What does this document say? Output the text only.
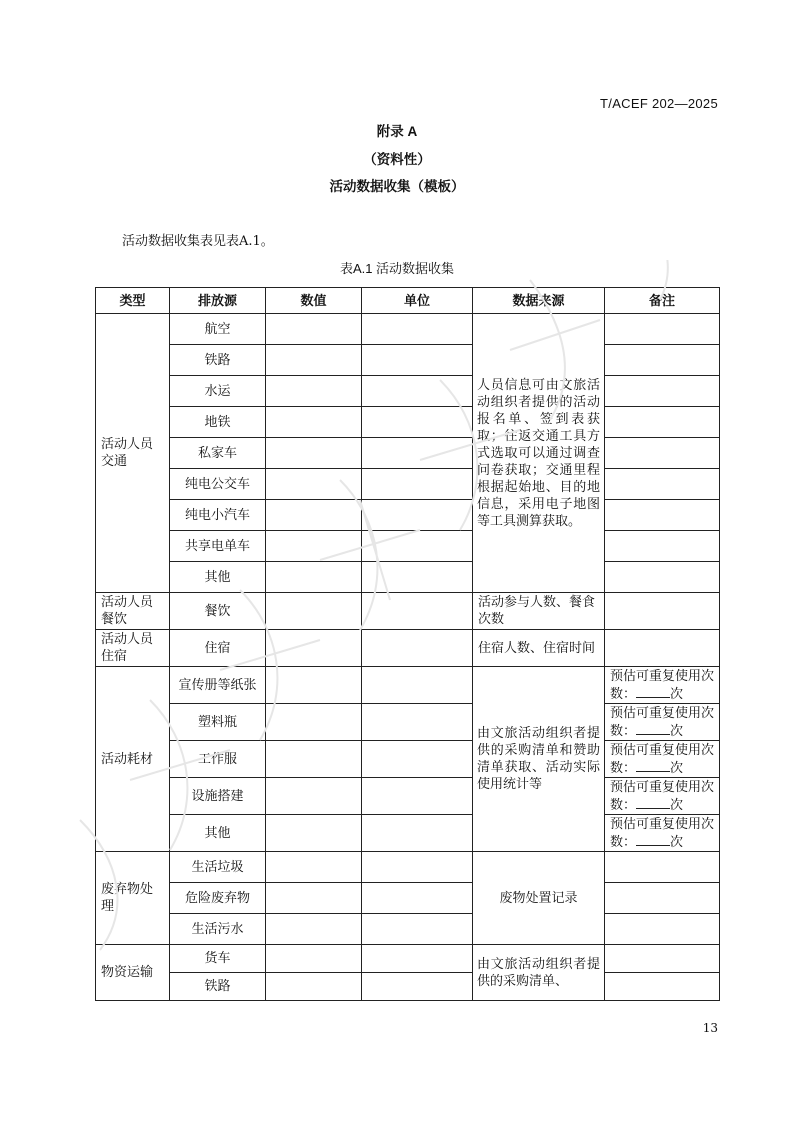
T/ACEF 202—2025
附录 A
（资料性）
活动数据收集（模板）
活动数据收集表见表A.1。
表A.1 活动数据收集
类型	排放源	数值	单位	数据来源	备注
活动人员交通	航空			人员信息可由文旅活动组织者提供的活动报名单、签到表获取；往返交通工具方式选取可以通过调查问卷获取；交通里程根据起始地、目的地信息，采用电子地图等工具测算获取。	
	铁路				
	水运				
	地铁				
	私家车				
	纯电公交车				
	纯电小汽车				
	共享电单车				
	其他				
活动人员餐饮	餐饮			活动参与人数、餐食次数	
活动人员住宿	住宿			住宿人数、住宿时间	
活动耗材	宣传册等纸张			由文旅活动组织者提供的采购清单和赞助清单获取、活动实际使用统计等	预估可重复使用次数： 次
	塑料瓶				预估可重复使用次数： 次
	工作服				预估可重复使用次数： 次
	设施搭建				预估可重复使用次数： 次
	其他				预估可重复使用次数： 次
废弃物处理	生活垃圾			废物处置记录	
	危险废弃物				
	生活污水				
物资运输	货车			由文旅活动组织者提供的采购清单、	
	铁路				
13
